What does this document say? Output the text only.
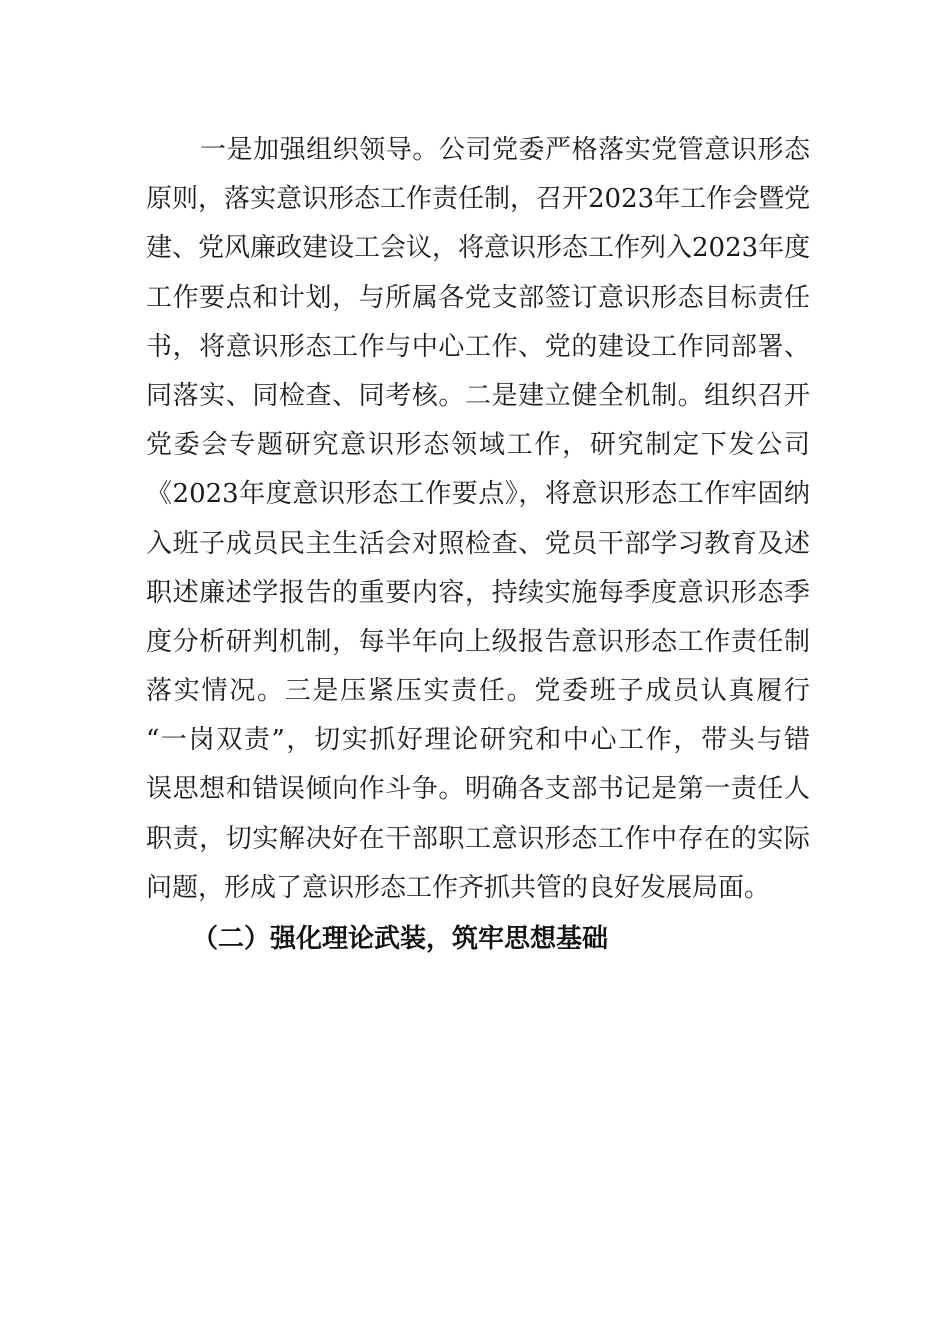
一是加强组织领导。公司党委严格落实党管意识形态
原则，落实意识形态工作责任制，召开2023年工作会暨党
建、党风廉政建设工会议，将意识形态工作列入2023年度
工作要点和计划，与所属各党支部签订意识形态目标责任
书，将意识形态工作与中心工作、党的建设工作同部署、
同落实、同检查、同考核。二是建立健全机制。组织召开
党委会专题研究意识形态领域工作，研究制定下发公司
《2023年度意识形态工作要点》，将意识形态工作牢固纳
入班子成员民主生活会对照检查、党员干部学习教育及述
职述廉述学报告的重要内容，持续实施每季度意识形态季
度分析研判机制，每半年向上级报告意识形态工作责任制
落实情况。三是压紧压实责任。党委班子成员认真履行
“一岗双责”，切实抓好理论研究和中心工作，带头与错
误思想和错误倾向作斗争。明确各支部书记是第一责任人
职责，切实解决好在干部职工意识形态工作中存在的实际
问题，形成了意识形态工作齐抓共管的良好发展局面。
（二）强化理论武装，筑牢思想基础
